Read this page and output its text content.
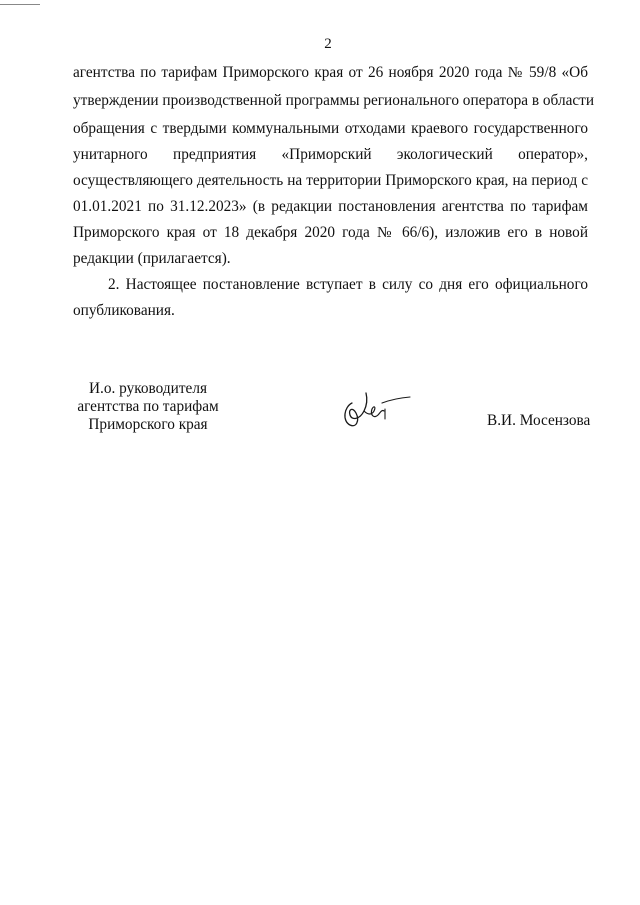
2
агентства по тарифам Приморского края от 26 ноября 2020 года № 59/8 «Об
утверждении производственной программы регионального оператора в области
обращения с твердыми коммунальными отходами краевого государственного
унитарного предприятия «Приморский экологический оператор»,
осуществляющего деятельность на территории Приморского края, на период с
01.01.2021 по 31.12.2023» (в редакции постановления агентства по тарифам
Приморского края от 18 декабря 2020 года № 66/6), изложив его в новой
редакции (прилагается).
2. Настоящее постановление вступает в силу со дня его официального
опубликования.
И.о. руководителя
агентства по тарифам
Приморского края	В.И. Мосензова
